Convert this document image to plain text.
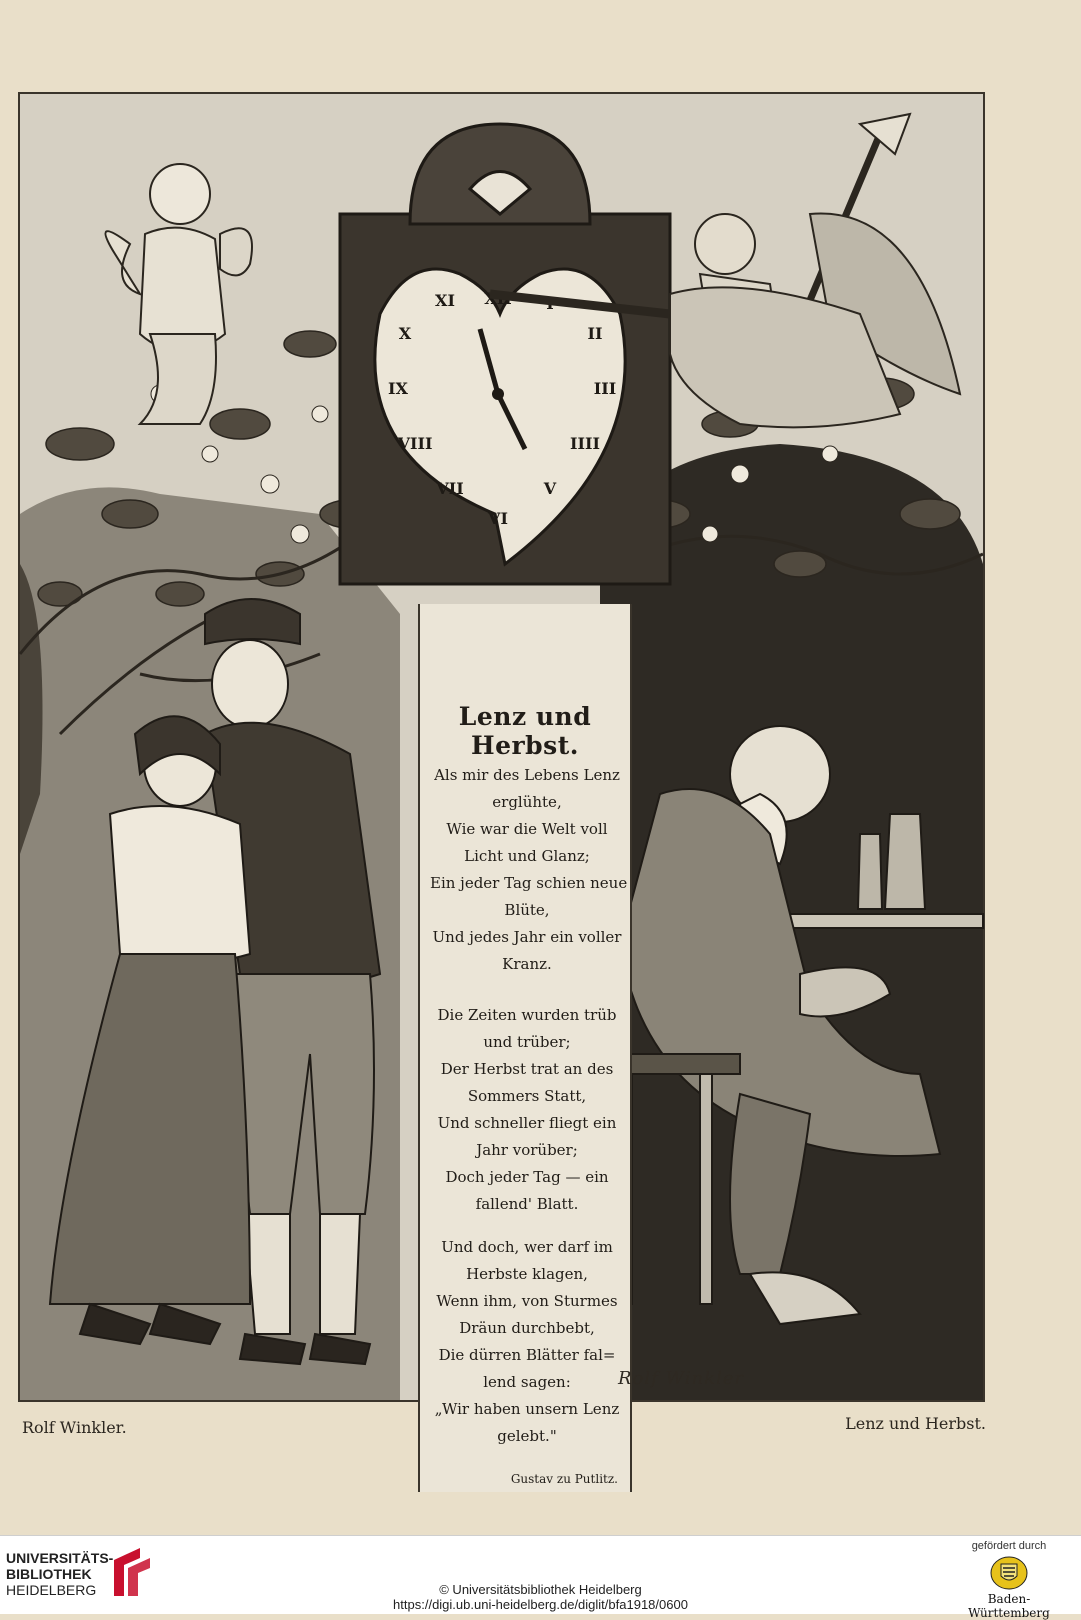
XII I
II
III
IIII
V
VI
VII
VIII
IX
X
XI
Lenz und Herbst.
Als mir des Lebens Lenz
erglühte,
Wie war die Welt voll
Licht und Glanz;
Ein jeder Tag schien neue
Blüte,
Und jedes Jahr ein voller
Kranz.
Die Zeiten wurden trüb
und trüber;
Der Herbst trat an des
Sommers Statt,
Und schneller fliegt ein
Jahr vorüber;
Doch jeder Tag — ein
fallend' Blatt.
Und doch, wer darf im
Herbste klagen,
Wenn ihm, von Sturmes
Dräun durchbebt,
Die dürren Blätter fal=
lend sagen:
„Wir haben unsern Lenz
gelebt."
Gustav zu Putlitz.
Rolf Winkler
Rolf Winkler.	Lenz und Herbst.
UNIVERSITÄTS-
BIBLIOTHEK
HEIDELBERG	© Universitätsbibliothek Heidelberg
https://digi.ub.uni-heidelberg.de/diglit/bfa1918/0600
gefördert durch
Baden-Württemberg
